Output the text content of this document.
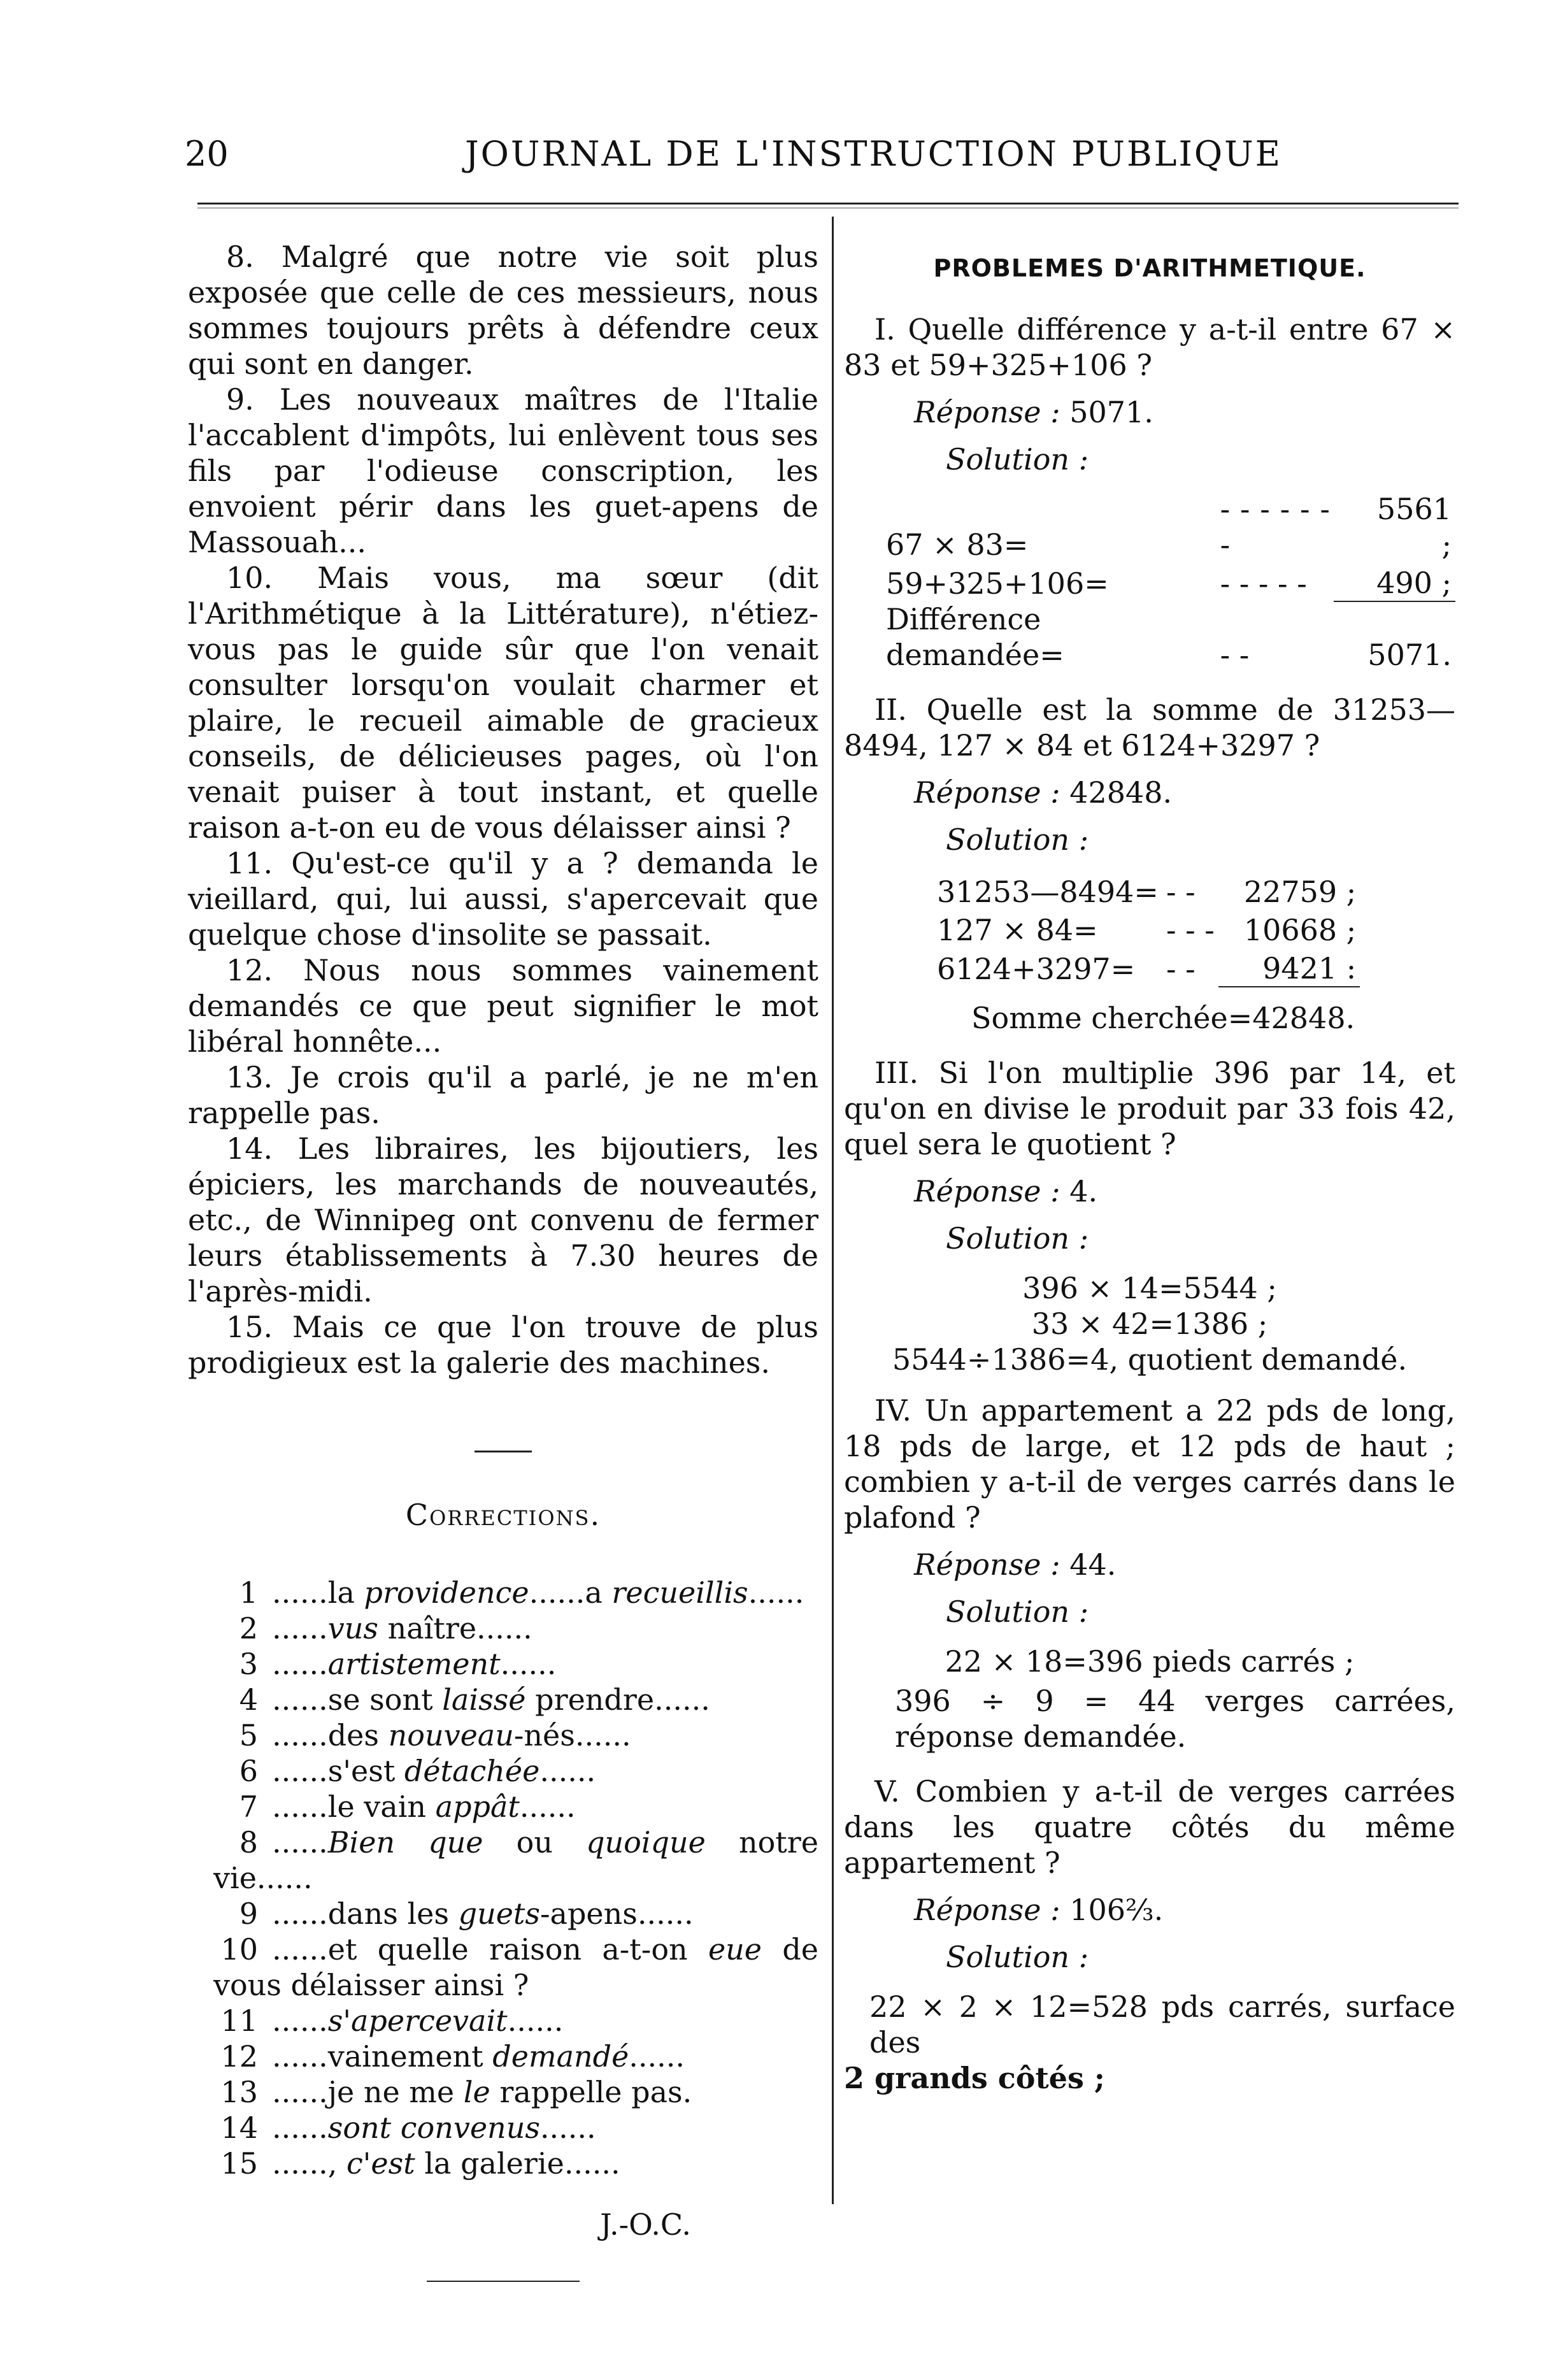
20	JOURNAL DE L'INSTRUCTION PUBLIQUE

8. Malgré que notre vie soit plus exposée que celle de ces messieurs, nous sommes toujours prêts à défendre ceux qui sont en danger.

9. Les nouveaux maîtres de l'Italie l'accablent d'impôts, lui enlèvent tous ses fils par l'odieuse conscription, les envoient périr dans les guet-apens de Massouah...

10. Mais vous, ma sœur (dit l'Arithmétique à la Littérature), n'étiez-vous pas le guide sûr que l'on venait consulter lorsqu'on voulait charmer et plaire, le recueil aimable de gracieux conseils, de délicieuses pages, où l'on venait puiser à tout instant, et quelle raison a-t-on eu de vous délaisser ainsi ?

11. Qu'est-ce qu'il y a ? demanda le vieillard, qui, lui aussi, s'apercevait que quelque chose d'insolite se passait.

12. Nous nous sommes vainement demandés ce que peut signifier le mot libéral honnête...

13. Je crois qu'il a parlé, je ne m'en rappelle pas.

14. Les libraires, les bijoutiers, les épiciers, les marchands de nouveautés, etc., de Winnipeg ont convenu de fermer leurs établissements à 7.30 heures de l'après-midi.

15. Mais ce que l'on trouve de plus prodigieux est la galerie des machines.

Corrections.

1 ......la providence......a recueillis......

2 ......vus naître......

3 ......artistement......

4 ......se sont laissé prendre......

5 ......des nouveau-nés......

6 ......s'est détachée......

7 ......le vain appât......

8 ......Bien que ou quoique notre vie......

9 ......dans les guets-apens......

10 ......et quelle raison a-t-on eue de vous délaisser ainsi ?

11 ......s'apercevait......

12 ......vainement demandé......

13 ......je ne me le rappelle pas.

14 ......sont convenus......

15 ......, c'est la galerie......

J.-O.C.
PROBLEMES D'ARITHMETIQUE.

I. Quelle différence y a-t-il entre 67 × 83 et 59+325+106 ?

Réponse : 5071.
Solution :
67 × 83=	- - - - - - -	5561 ;
59+325+106=	- - - - -	490 ;
Différence demandée=	- -	5071.

II. Quelle est la somme de 31253—8494, 127 × 84 et 6124+3297 ?

Réponse : 42848.
Solution :
31253—8494=	- -	22759 ;
127 × 84=	- - -	10668 ;
6124+3297=	- -	9421 :
Somme cherchée=42848.

III. Si l'on multiplie 396 par 14, et qu'on en divise le produit par 33 fois 42, quel sera le quotient ?

Réponse : 4.
Solution :

396 × 14=5544 ;

33 × 42=1386 ;

5544÷1386=4, quotient demandé.

IV. Un appartement a 22 pds de long, 18 pds de large, et 12 pds de haut ; combien y a-t-il de verges carrés dans le plafond ?

Réponse : 44.
Solution :

22 × 18=396 pieds carrés ;

396 ÷ 9 = 44 verges carrées, réponse demandée.

V. Combien y a-t-il de verges carrées dans les quatre côtés du même appartement ?

Réponse : 106⅔.
Solution :

22 × 2 × 12=528 pds carrés, surface des

2 grands côtés ;
